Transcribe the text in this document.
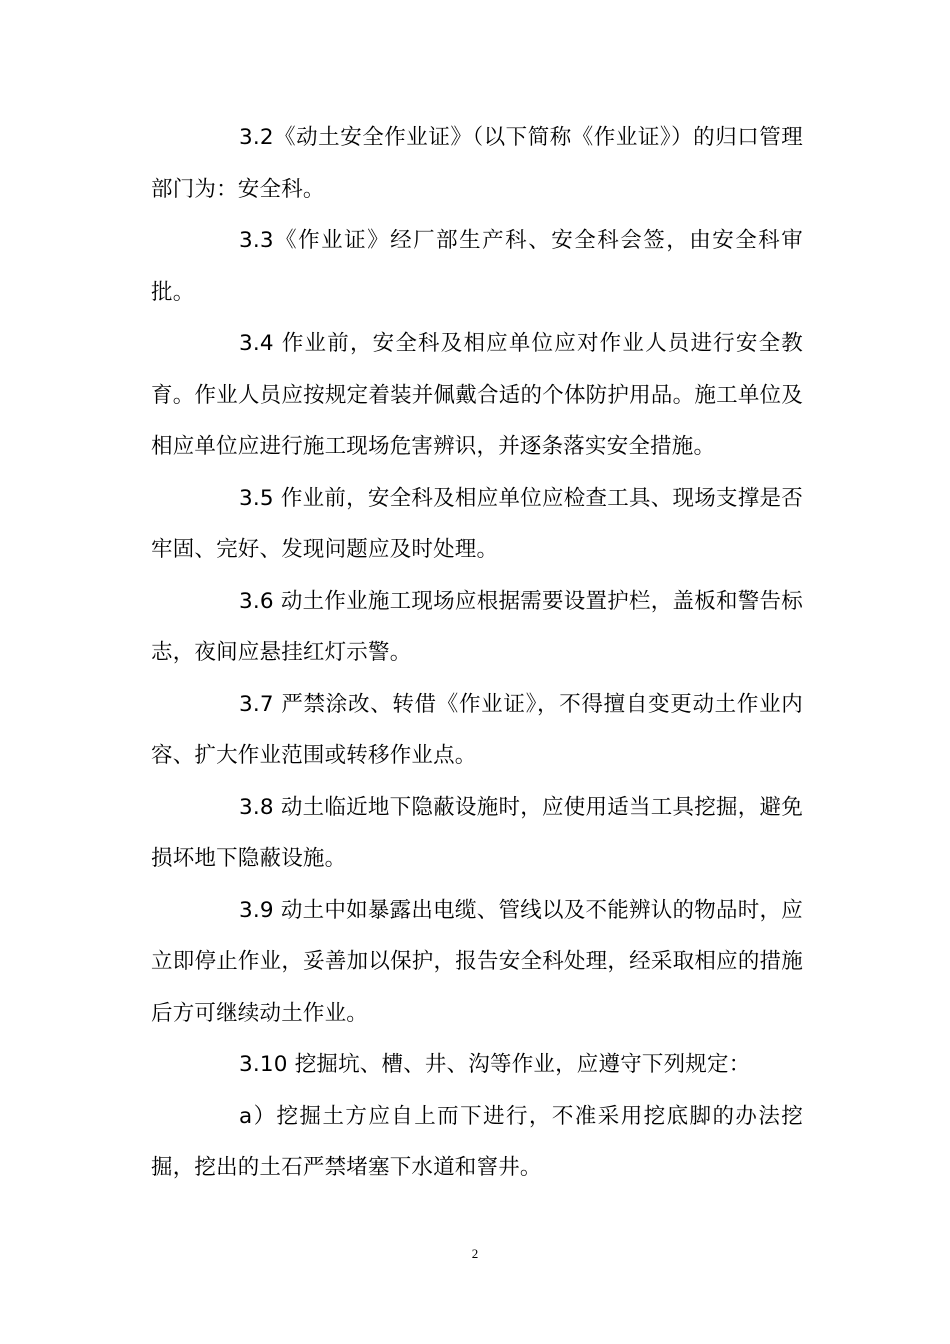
3.2《动土安全作业证》（以下简称《作业证》）的归口管理部门为：安全科。

3.3《作业证》经厂部生产科、安全科会签，由安全科审批。

3.4 作业前，安全科及相应单位应对作业人员进行安全教育。作业人员应按规定着装并佩戴合适的个体防护用品。施工单位及相应单位应进行施工现场危害辨识，并逐条落实安全措施。

3.5 作业前，安全科及相应单位应检查工具、现场支撑是否牢固、完好、发现问题应及时处理。

3.6 动土作业施工现场应根据需要设置护栏，盖板和警告标志，夜间应悬挂红灯示警。

3.7 严禁涂改、转借《作业证》，不得擅自变更动土作业内容、扩大作业范围或转移作业点。

3.8 动土临近地下隐蔽设施时，应使用适当工具挖掘，避免损坏地下隐蔽设施。

3.9 动土中如暴露出电缆、管线以及不能辨认的物品时，应立即停止作业，妥善加以保护，报告安全科处理，经采取相应的措施后方可继续动土作业。

3.10 挖掘坑、槽、井、沟等作业，应遵守下列规定：

a）挖掘土方应自上而下进行，不准采用挖底脚的办法挖掘，挖出的土石严禁堵塞下水道和窨井。

2
